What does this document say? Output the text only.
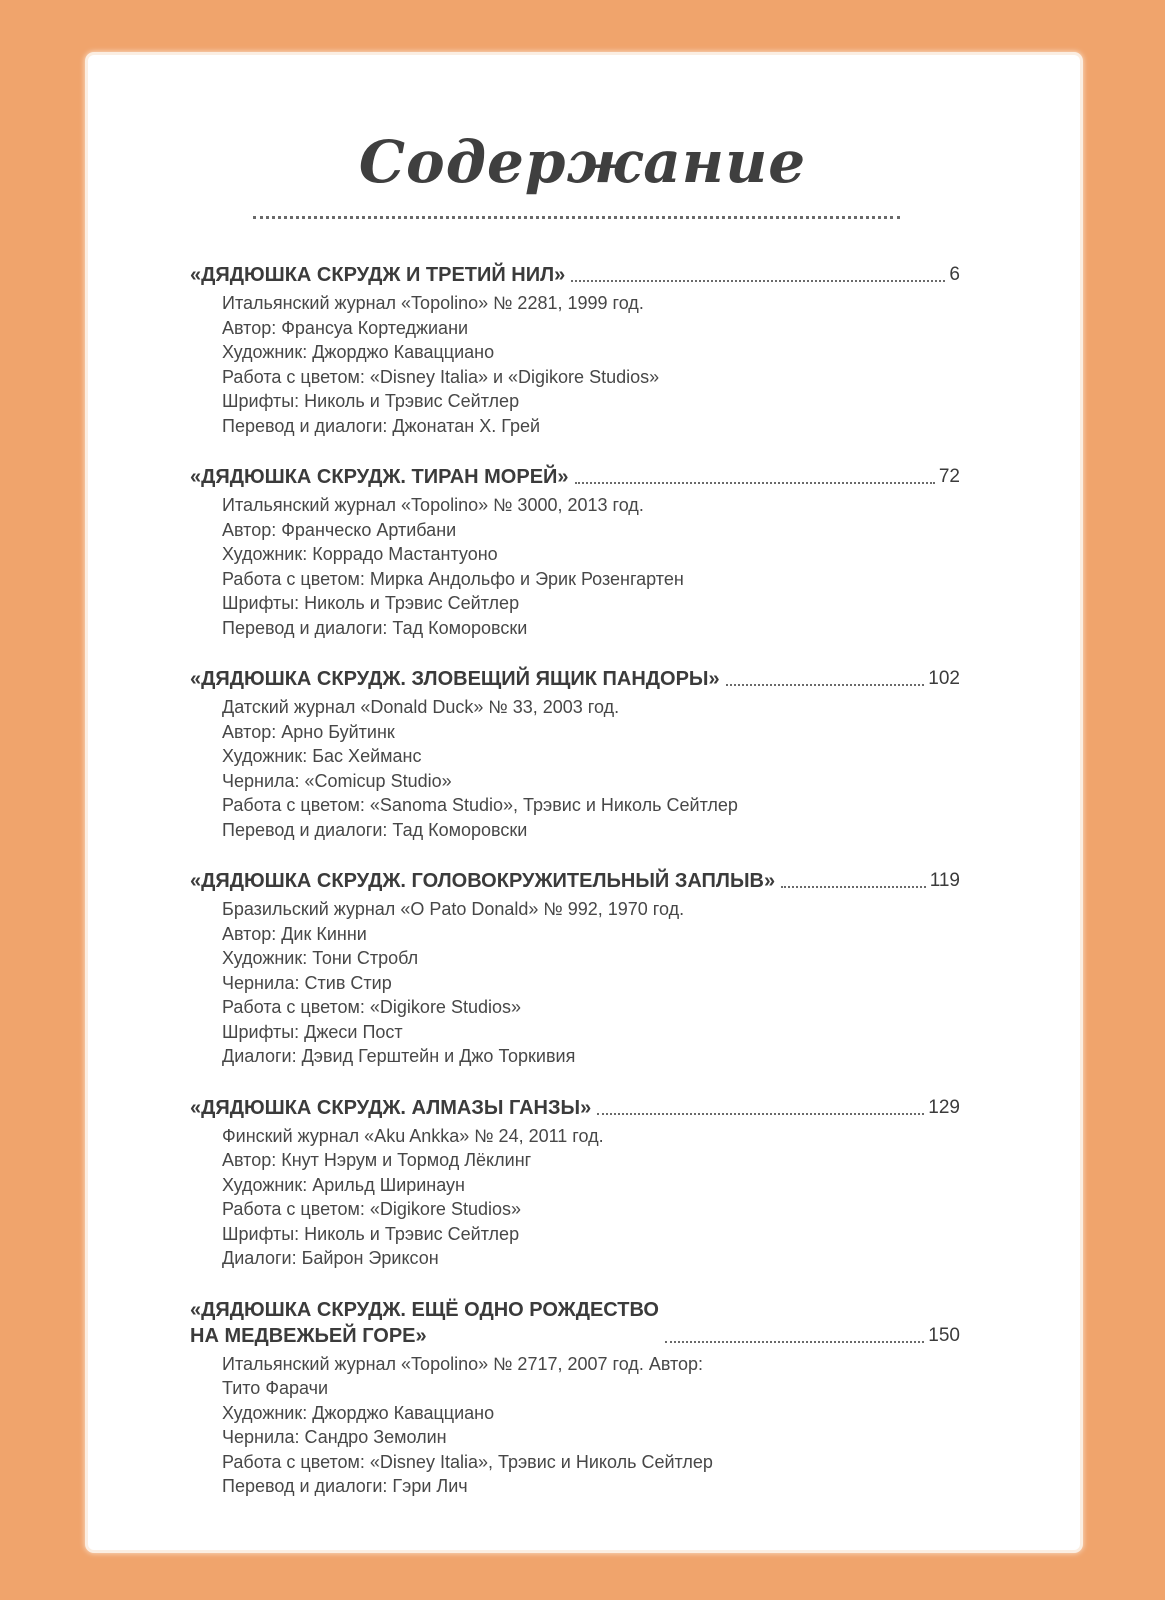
Содержание
«ДЯДЮШКА СКРУДЖ И ТРЕТИЙ НИЛ»	6
Итальянский журнал «Topolino» № 2281, 1999 год.
Автор: Франсуа Кортеджиани
Художник: Джорджо Кавацциано
Работа с цветом: «Disney Italia» и «Digikore Studios»
Шрифты: Николь и Трэвис Сейтлер
Перевод и диалоги: Джонатан Х. Грей
«ДЯДЮШКА СКРУДЖ. ТИРАН МОРЕЙ»	72
Итальянский журнал «Topolino» № 3000, 2013 год.
Автор: Франческо Артибани
Художник: Коррадо Мастантуоно
Работа с цветом: Мирка Андольфо и Эрик Розенгартен
Шрифты: Николь и Трэвис Сейтлер
Перевод и диалоги: Тад Коморовски
«ДЯДЮШКА СКРУДЖ. ЗЛОВЕЩИЙ ЯЩИК ПАНДОРЫ»	102
Датский журнал «Donald Duck» № 33, 2003 год.
Автор: Арно Буйтинк
Художник: Бас Хейманс
Чернила: «Comicup Studio»
Работа с цветом: «Sanoma Studio», Трэвис и Николь Сейтлер
Перевод и диалоги: Тад Коморовски
«ДЯДЮШКА СКРУДЖ. ГОЛОВОКРУЖИТЕЛЬНЫЙ ЗАПЛЫВ»	119
Бразильский журнал «O Pato Donald» № 992, 1970 год.
Автор: Дик Кинни
Художник: Тони Стробл
Чернила: Стив Стир
Работа с цветом: «Digikore Studios»
Шрифты: Джеси Пост
Диалоги: Дэвид Герштейн и Джо Торкивия
«ДЯДЮШКА СКРУДЖ. АЛМАЗЫ ГАНЗЫ»	129
Финский журнал «Aku Ankka» № 24, 2011 год.
Автор: Кнут Нэрум и Тормод Лёклинг
Художник: Арильд Ширинаун
Работа с цветом: «Digikore Studios»
Шрифты: Николь и Трэвис Сейтлер
Диалоги: Байрон Эриксон
«ДЯДЮШКА СКРУДЖ. ЕЩЁ ОДНО РОЖДЕСТВО
НА МЕДВЕЖЬЕЙ ГОРЕ»	150
Итальянский журнал «Topolino» № 2717, 2007 год. Автор:
Тито Фарачи
Художник: Джорджо Кавацциано
Чернила: Сандро Земолин
Работа с цветом: «Disney Italia», Трэвис и Николь Сейтлер
Перевод и диалоги: Гэри Лич
